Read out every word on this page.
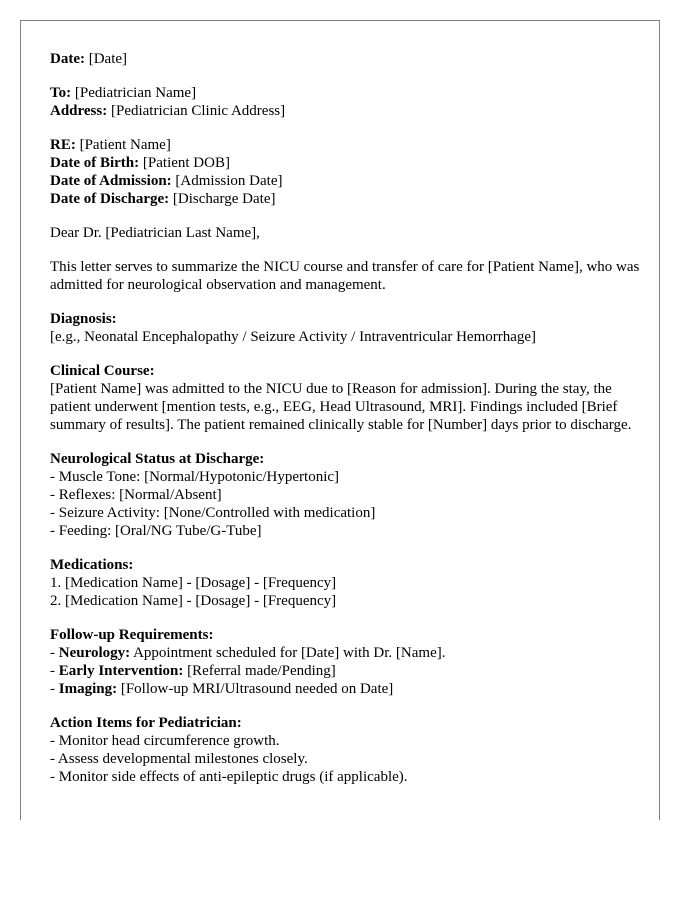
Date: [Date]
To: [Pediatrician Name]
Address: [Pediatrician Clinic Address]
RE: [Patient Name]
Date of Birth: [Patient DOB]
Date of Admission: [Admission Date]
Date of Discharge: [Discharge Date]
Dear Dr. [Pediatrician Last Name],
This letter serves to summarize the NICU course and transfer of care for [Patient Name], who was admitted for neurological observation and management.
Diagnosis:
[e.g., Neonatal Encephalopathy / Seizure Activity / Intraventricular Hemorrhage]
Clinical Course:
[Patient Name] was admitted to the NICU due to [Reason for admission]. During the stay, the patient underwent [mention tests, e.g., EEG, Head Ultrasound, MRI]. Findings included [Brief summary of results]. The patient remained clinically stable for [Number] days prior to discharge.
Neurological Status at Discharge:
- Muscle Tone: [Normal/Hypotonic/Hypertonic]
- Reflexes: [Normal/Absent]
- Seizure Activity: [None/Controlled with medication]
- Feeding: [Oral/NG Tube/G-Tube]
Medications:
1. [Medication Name] - [Dosage] - [Frequency]
2. [Medication Name] - [Dosage] - [Frequency]
Follow-up Requirements:
- Neurology: Appointment scheduled for [Date] with Dr. [Name].
- Early Intervention: [Referral made/Pending]
- Imaging: [Follow-up MRI/Ultrasound needed on Date]
Action Items for Pediatrician:
- Monitor head circumference growth.
- Assess developmental milestones closely.
- Monitor side effects of anti-epileptic drugs (if applicable).
